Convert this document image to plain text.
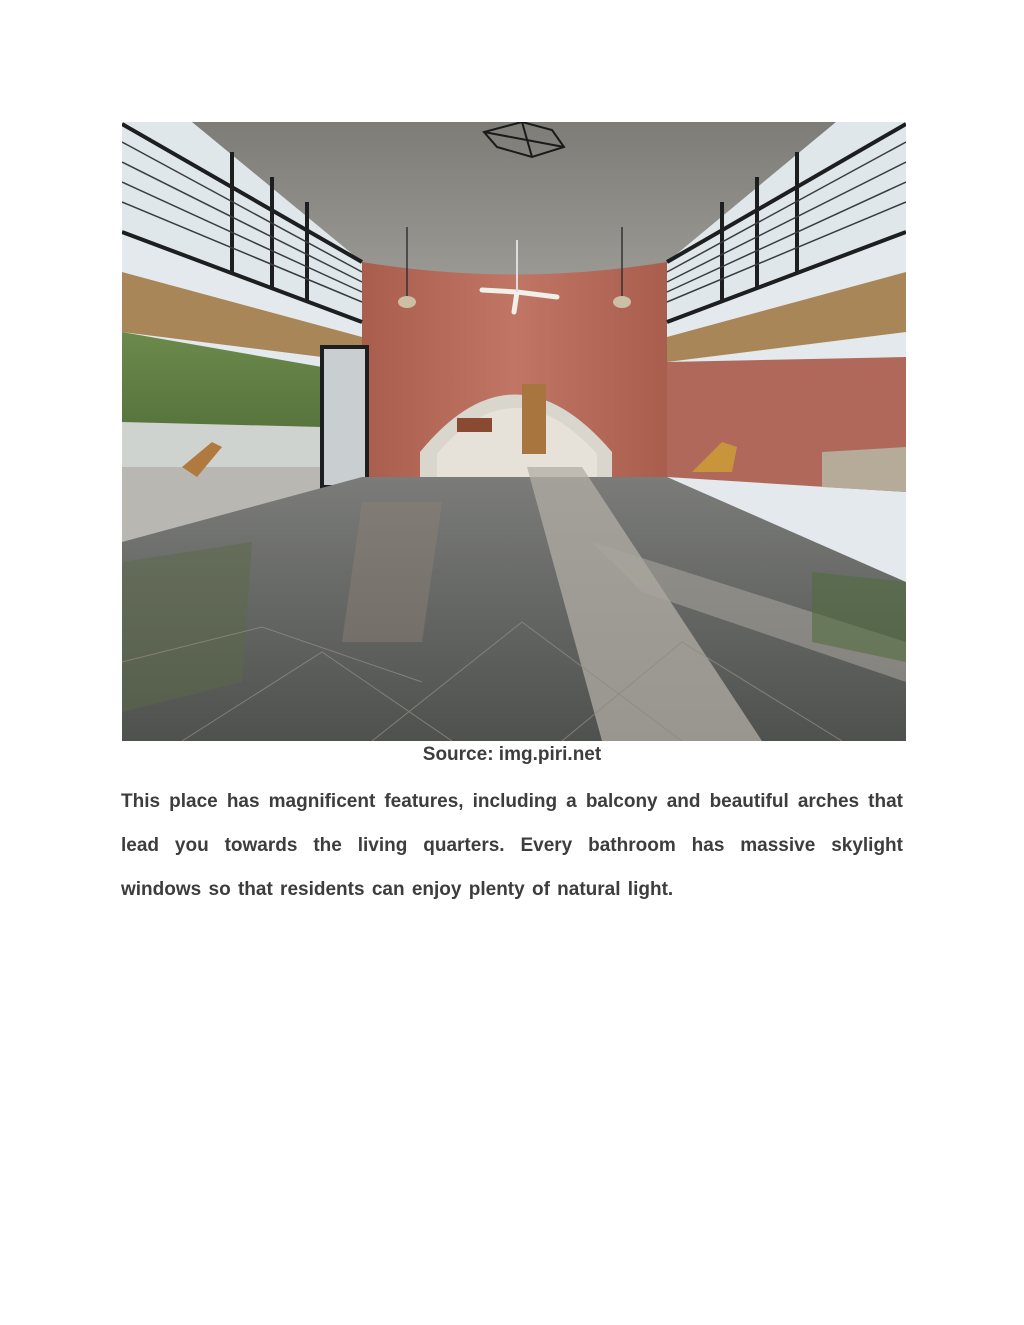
Source: img.piri.net

This place has magnificent features, including a balcony and beautiful arches that lead you towards the living quarters. Every bathroom has massive skylight windows so that residents can enjoy plenty of natural light.
